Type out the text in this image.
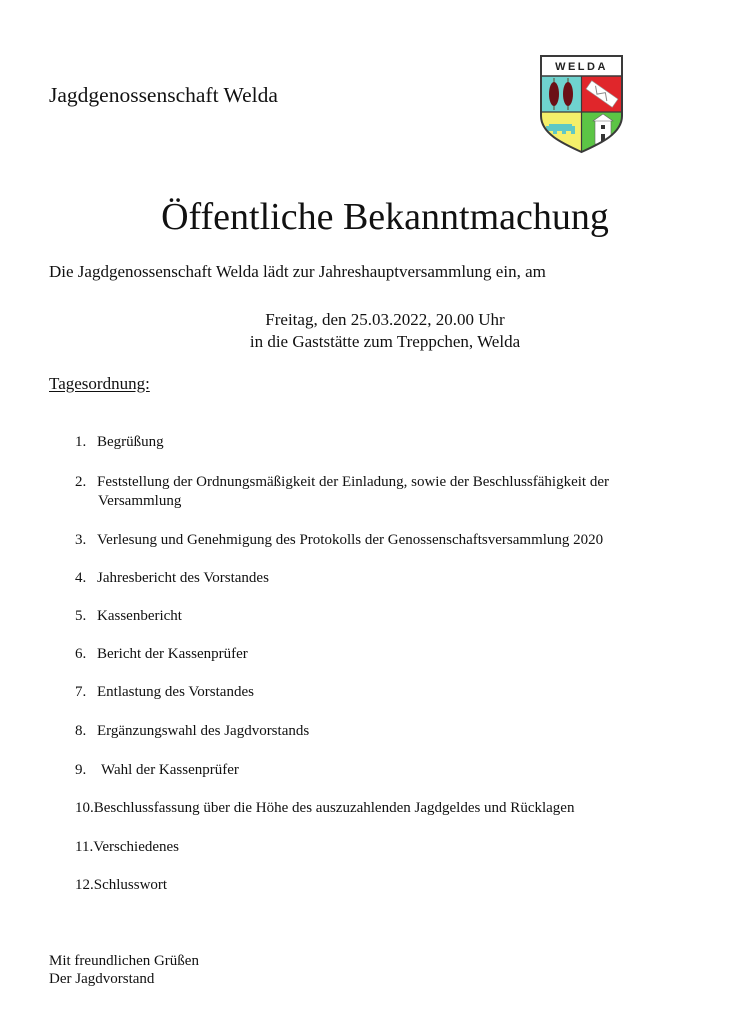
Jagdgenossenschaft Welda
WELDA
Öffentliche Bekanntmachung
Die Jagdgenossenschaft Welda lädt zur Jahreshauptversammlung ein, am
Freitag, den 25.03.2022, 20.00 Uhr
in die Gaststätte zum Treppchen, Welda
Tagesordnung:
1. Begrüßung
2. Feststellung der Ordnungsmäßigkeit der Einladung, sowie der Beschlussfähigkeit der
Versammlung
3. Verlesung und Genehmigung des Protokolls der Genossenschaftsversammlung 2020
4. Jahresbericht des Vorstandes
5. Kassenbericht
6. Bericht der Kassenprüfer
7. Entlastung des Vorstandes
8. Ergänzungswahl des Jagdvorstands
9. Wahl der Kassenprüfer
10.Beschlussfassung über die Höhe des auszuzahlenden Jagdgeldes und Rücklagen
11.Verschiedenes
12.Schlusswort
Mit freundlichen Grüßen
Der Jagdvorstand
